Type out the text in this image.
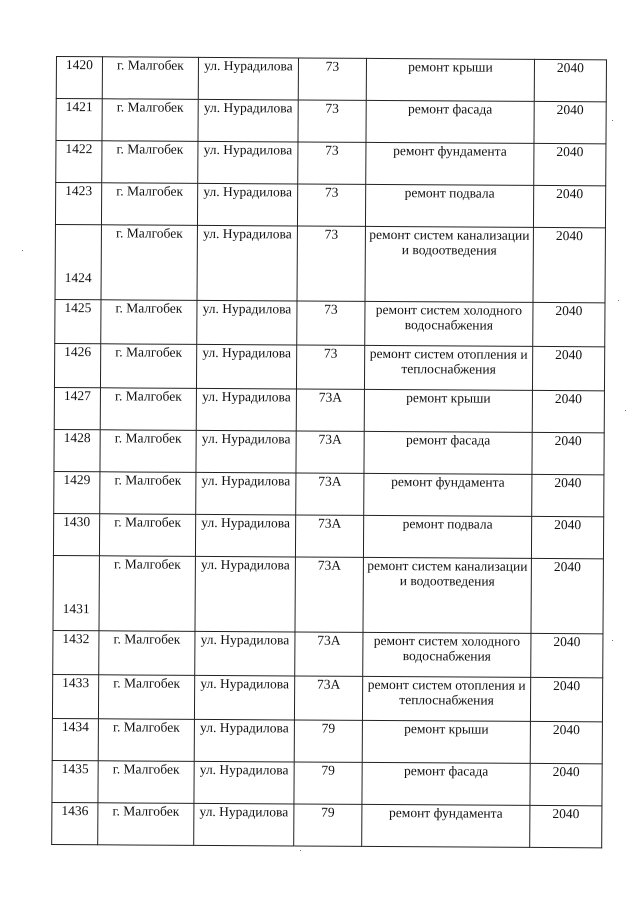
1420	г. Малгобек	ул. Нурадилова	73	ремонт крыши	2040
1421	г. Малгобек	ул. Нурадилова	73	ремонт фасада	2040
1422	г. Малгобек	ул. Нурадилова	73	ремонт фундамента	2040
1423	г. Малгобек	ул. Нурадилова	73	ремонт подвала	2040
1424	г. Малгобек	ул. Нурадилова	73	ремонт систем канализации и водоотведения	2040
1425	г. Малгобек	ул. Нурадилова	73	ремонт систем холодного водоснабжения	2040
1426	г. Малгобек	ул. Нурадилова	73	ремонт систем отопления и теплоснабжения	2040
1427	г. Малгобек	ул. Нурадилова	73А	ремонт крыши	2040
1428	г. Малгобек	ул. Нурадилова	73А	ремонт фасада	2040
1429	г. Малгобек	ул. Нурадилова	73А	ремонт фундамента	2040
1430	г. Малгобек	ул. Нурадилова	73А	ремонт подвала	2040
1431	г. Малгобек	ул. Нурадилова	73А	ремонт систем канализации и водоотведения	2040
1432	г. Малгобек	ул. Нурадилова	73А	ремонт систем холодного водоснабжения	2040
1433	г. Малгобек	ул. Нурадилова	73А	ремонт систем отопления и теплоснабжения	2040
1434	г. Малгобек	ул. Нурадилова	79	ремонт крыши	2040
1435	г. Малгобек	ул. Нурадилова	79	ремонт фасада	2040
1436	г. Малгобек	ул. Нурадилова	79	ремонт фундамента	2040
